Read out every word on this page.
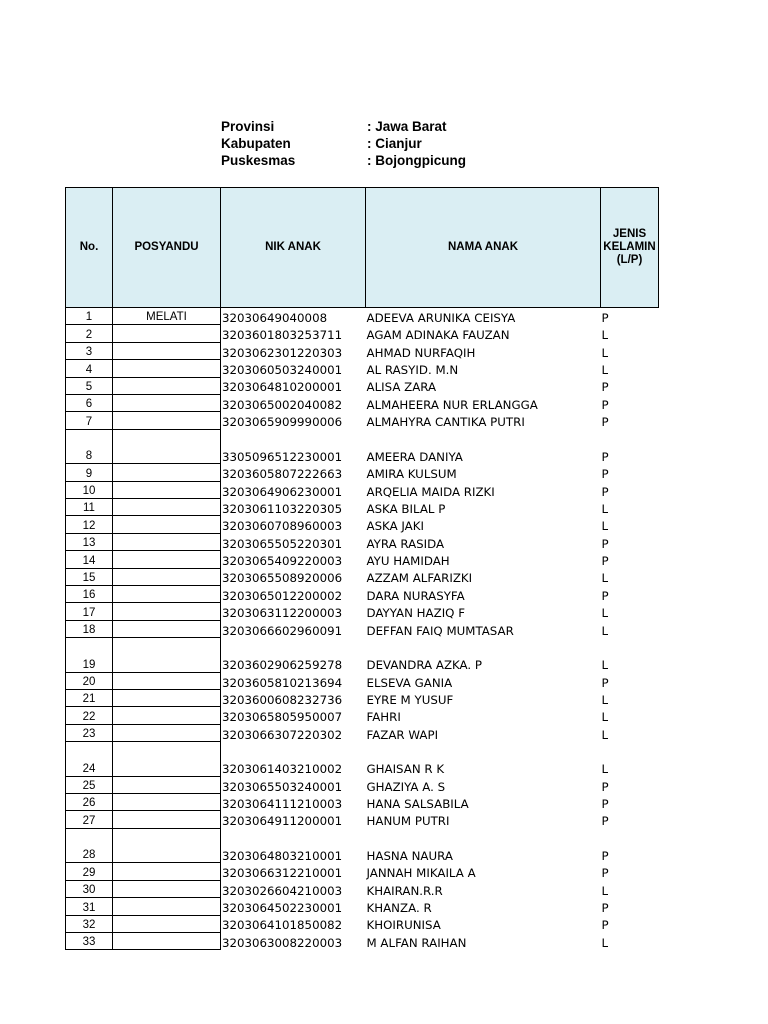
Provinsi	: Jawa Barat
Kabupaten	: Cianjur
Puskesmas	: Bojongpicung
No.	POSYANDU	NIK ANAK	NAMA ANAK	JENIS KELAMIN (L/P)
1	MELATI	32030649040008	ADEEVA ARUNIKA CEISYA	P
2		3203601803253711	AGAM ADINAKA FAUZAN	L
3		3203062301220303	AHMAD NURFAQIH	L
4		3203060503240001	AL RASYID. M.N	L
5		3203064810200001	ALISA ZARA	P
6		3203065002040082	ALMAHEERA NUR ERLANGGA	P
7		3203065909990006	ALMAHYRA CANTIKA PUTRI	P
8		3305096512230001	AMEERA DANIYA	P
9		3203605807222663	AMIRA KULSUM	P
10		3203064906230001	ARQELIA MAIDA RIZKI	P
11		3203061103220305	ASKA BILAL P	L
12		3203060708960003	ASKA JAKI	L
13		3203065505220301	AYRA RASIDA	P
14		3203065409220003	AYU HAMIDAH	P
15		3203065508920006	AZZAM ALFARIZKI	L
16		3203065012200002	DARA NURASYFA	P
17		3203063112200003	DAYYAN HAZIQ F	L
18		3203066602960091	DEFFAN FAIQ MUMTASAR	L
19		3203602906259278	DEVANDRA AZKA. P	L
20		3203605810213694	ELSEVA GANIA	P
21		3203600608232736	EYRE M YUSUF	L
22		3203065805950007	FAHRI	L
23		3203066307220302	FAZAR WAPI	L
24		3203061403210002	GHAISAN R K	L
25		3203065503240001	GHAZIYA A. S	P
26		3203064111210003	HANA SALSABILA	P
27		3203064911200001	HANUM PUTRI	P
28		3203064803210001	HASNA NAURA	P
29		3203066312210001	JANNAH MIKAILA A	P
30		3203026604210003	KHAIRAN.R.R	L
31		3203064502230001	KHANZA. R	P
32		3203064101850082	KHOIRUNISA	P
33		3203063008220003	M ALFAN RAIHAN	L
